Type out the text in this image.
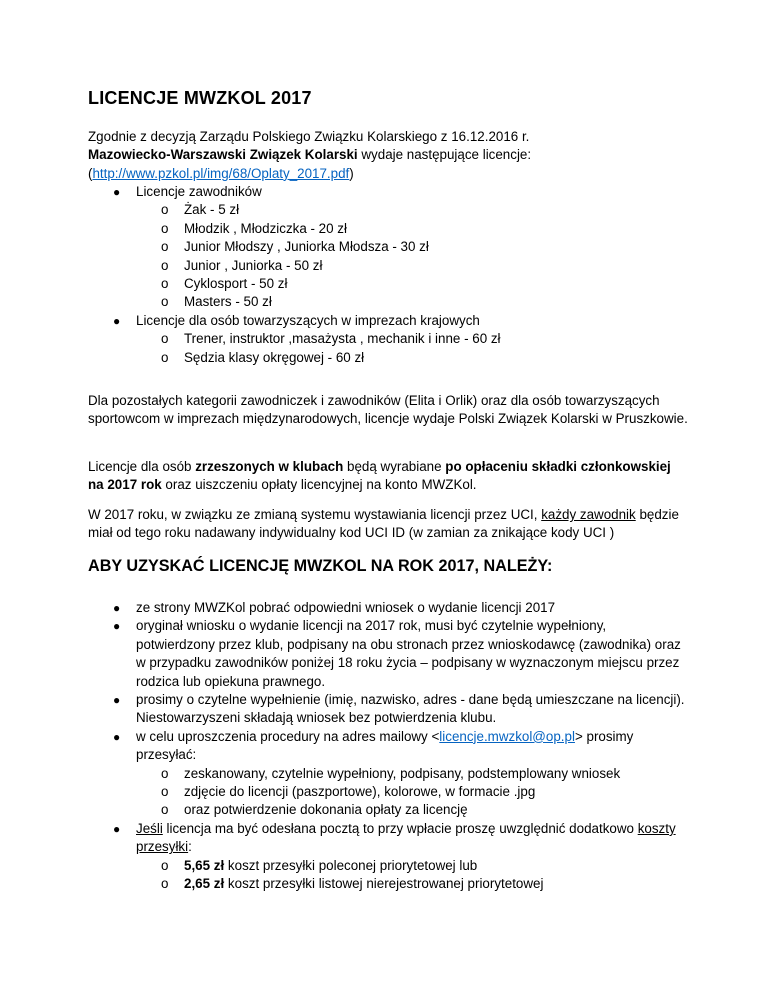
LICENCJE MWZKOL 2017

Zgodnie z decyzją Zarządu Polskiego Związku Kolarskiego z 16.12.2016 r.

Mazowiecko-Warszawski Związek Kolarski wydaje następujące licencje:

(http://www.pzkol.pl/img/68/Oplaty_2017.pdf)

● Licencje zawodników
o Żak - 5 zł
o Młodzik , Młodziczka - 20 zł
o Junior Młodszy , Juniorka Młodsza - 30 zł
o Junior , Juniorka - 50 zł
o Cyklosport - 50 zł
o Masters - 50 zł
● Licencje dla osób towarzyszących w imprezach krajowych
o Trener, instruktor ,masażysta , mechanik i inne - 60 zł
o Sędzia klasy okręgowej - 60 zł

Dla pozostałych kategorii zawodniczek i zawodników (Elita i Orlik) oraz dla osób towarzyszących sportowcom w imprezach międzynarodowych, licencje wydaje Polski Związek Kolarski w Pruszkowie.

Licencje dla osób zrzeszonych w klubach będą wyrabiane po opłaceniu składki członkowskiej na 2017 rok oraz uiszczeniu opłaty licencyjnej na konto MWZKol.

W 2017 roku, w związku ze zmianą systemu wystawiania licencji przez UCI, każdy zawodnik będzie miał od tego roku nadawany indywidualny kod UCI ID (w zamian za znikające kody UCI )

ABY UZYSKAĆ LICENCJĘ MWZKOL NA ROK 2017, NALEŻY:
● ze strony MWZKol pobrać odpowiedni wniosek o wydanie licencji 2017
● oryginał wniosku o wydanie licencji na 2017 rok, musi być czytelnie wypełniony, potwierdzony przez klub, podpisany na obu stronach przez wnioskodawcę (zawodnika) oraz w przypadku zawodników poniżej 18 roku życia – podpisany w wyznaczonym miejscu przez rodzica lub opiekuna prawnego.
● prosimy o czytelne wypełnienie (imię, nazwisko, adres - dane będą umieszczane na licencji). Niestowarzyszeni składają wniosek bez potwierdzenia klubu.
● w celu uproszczenia procedury na adres mailowy <licencje.mwzkol@op.pl> prosimy przesyłać:
o zeskanowany, czytelnie wypełniony, podpisany, podstemplowany wniosek
o zdjęcie do licencji (paszportowe), kolorowe, w formacie .jpg
o oraz potwierdzenie dokonania opłaty za licencję
● Jeśli licencja ma być odesłana pocztą to przy wpłacie proszę uwzględnić dodatkowo koszty przesyłki:
o 5,65 zł koszt przesyłki poleconej priorytetowej lub
o 2,65 zł koszt przesyłki listowej nierejestrowanej priorytetowej
